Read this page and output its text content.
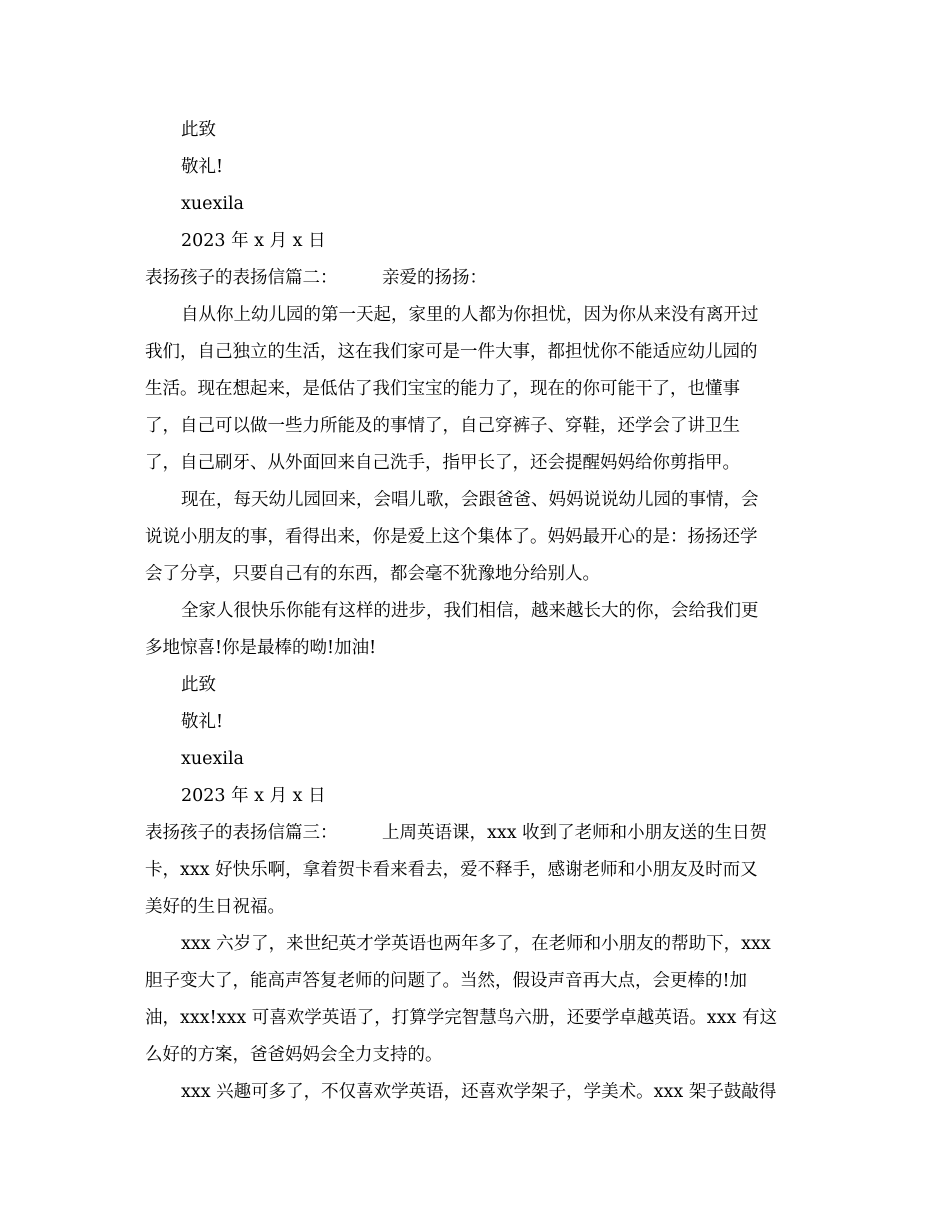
此致
敬礼!
xuexila
2023 年 x 月 x 日
表扬孩子的表扬信篇二：        亲爱的扬扬：
自从你上幼儿园的第一天起，家里的人都为你担忧，因为你从来没有离开过
我们，自己独立的生活，这在我们家可是一件大事，都担忧你不能适应幼儿园的
生活。现在想起来，是低估了我们宝宝的能力了，现在的你可能干了，也懂事
了，自己可以做一些力所能及的事情了，自己穿裤子、穿鞋，还学会了讲卫生
了，自己刷牙、从外面回来自己洗手，指甲长了，还会提醒妈妈给你剪指甲。
现在，每天幼儿园回来，会唱儿歌，会跟爸爸、妈妈说说幼儿园的事情，会
说说小朋友的事，看得出来，你是爱上这个集体了。妈妈最开心的是：扬扬还学
会了分享，只要自己有的东西，都会毫不犹豫地分给别人。
全家人很快乐你能有这样的进步，我们相信，越来越长大的你，会给我们更
多地惊喜!你是最棒的呦!加油!
此致
敬礼!
xuexila
2023 年 x 月 x 日
表扬孩子的表扬信篇三：        上周英语课，xxx 收到了老师和小朋友送的生日贺
卡，xxx 好快乐啊，拿着贺卡看来看去，爱不释手，感谢老师和小朋友及时而又
美好的生日祝福。
xxx 六岁了，来世纪英才学英语也两年多了，在老师和小朋友的帮助下，xxx
胆子变大了，能高声答复老师的问题了。当然，假设声音再大点，会更棒的!加
油，xxx!xxx 可喜欢学英语了，打算学完智慧鸟六册，还要学卓越英语。xxx 有这
么好的方案，爸爸妈妈会全力支持的。
xxx 兴趣可多了，不仅喜欢学英语，还喜欢学架子，学美术。xxx 架子鼓敲得
